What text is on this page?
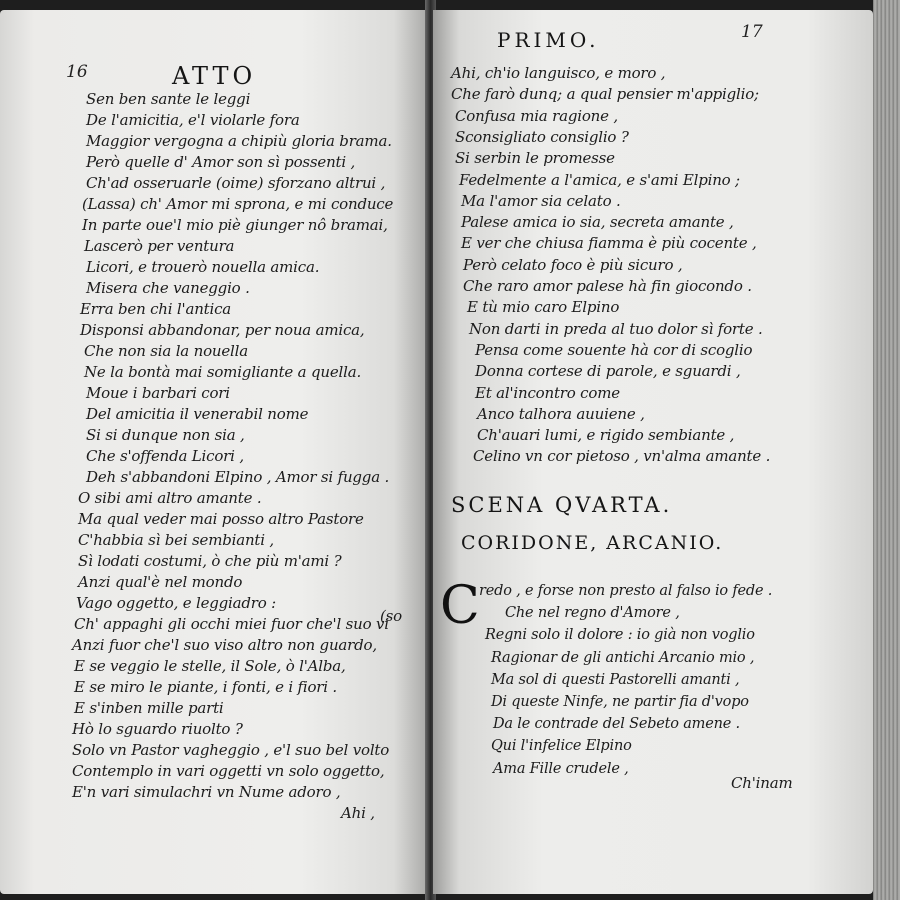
16	ATTO
Sen ben sante le leggi
De l'amicitia, e'l violarle fora
Maggior vergogna a chipiù gloria brama.
Però quelle d' Amor son sì possenti ,
Ch'ad osseruarle (oime) sforzano altrui ,
(Lassa) ch' Amor mi sprona, e mi conduce
In parte oue'l mio piè giunger nô bramai,
Lascerò per ventura
Licori, e trouerò nouella amica.
Misera che vaneggio .
Erra ben chi l'antica
Disponsi abbandonar, per noua amica,
Che non sia la nouella
Ne la bontà mai somigliante a quella.
Moue i barbari cori
Del amicitia il venerabil nome
Si si dunque non sia ,
Che s'offenda Licori ,
Deh s'abbandoni Elpino , Amor si fugga .
O sibi ami altro amante .
Ma qual veder mai posso altro Pastore
C'habbia sì bei sembianti ,
Sì lodati costumi, ò che più m'ami ?
Anzi qual'è nel mondo
Vago oggetto, e leggiadro :
Ch' appaghi gli occhi miei fuor che'l suo vi
Anzi fuor che'l suo viso altro non guardo,
E se veggio le stelle, il Sole, ò l'Alba,
E se miro le piante, i fonti, e i fiori .
E s'inben mille parti
Hò lo sguardo riuolto ?
Solo vn Pastor vagheggio , e'l suo bel volto
Contemplo in vari oggetti vn solo oggetto,
E'n vari simulachri vn Nume adoro ,
Ahi ,
(so
PRIMO.	17
Ahi, ch'io languisco, e moro ,
Che farò dunq; a qual pensier m'appiglio;
Confusa mia ragione ,
Sconsigliato consiglio ?
Si serbin le promesse
Fedelmente a l'amica, e s'ami Elpino ;
Ma l'amor sia celato .
Palese amica io sia, secreta amante ,
E ver che chiusa fiamma è più cocente ,
Però celato foco è più sicuro ,
Che raro amor palese hà fin giocondo .
E tù mio caro Elpino
Non darti in preda al tuo dolor sì forte .
Pensa come souente hà cor di scoglio
Donna cortese di parole, e sguardi ,
Et al'incontro come
Anco talhora auuiene ,
Ch'auari lumi, e rigido sembiante ,
Celino vn cor pietoso , vn'alma amante .
SCENA QVARTA.
CORIDONE, ARCANIO.
redo , e forse non presto al falso io fede .
Che nel regno d'Amore ,
Regni solo il dolore : io già non voglio
Ragionar de gli antichi Arcanio mio ,
Ma sol di questi Pastorelli amanti ,
Di queste Ninfe, ne partir fia d'vopo
Da le contrade del Sebeto amene .
Qui l'infelice Elpino
Ama Fille crudele ,
Ch'inam
C
